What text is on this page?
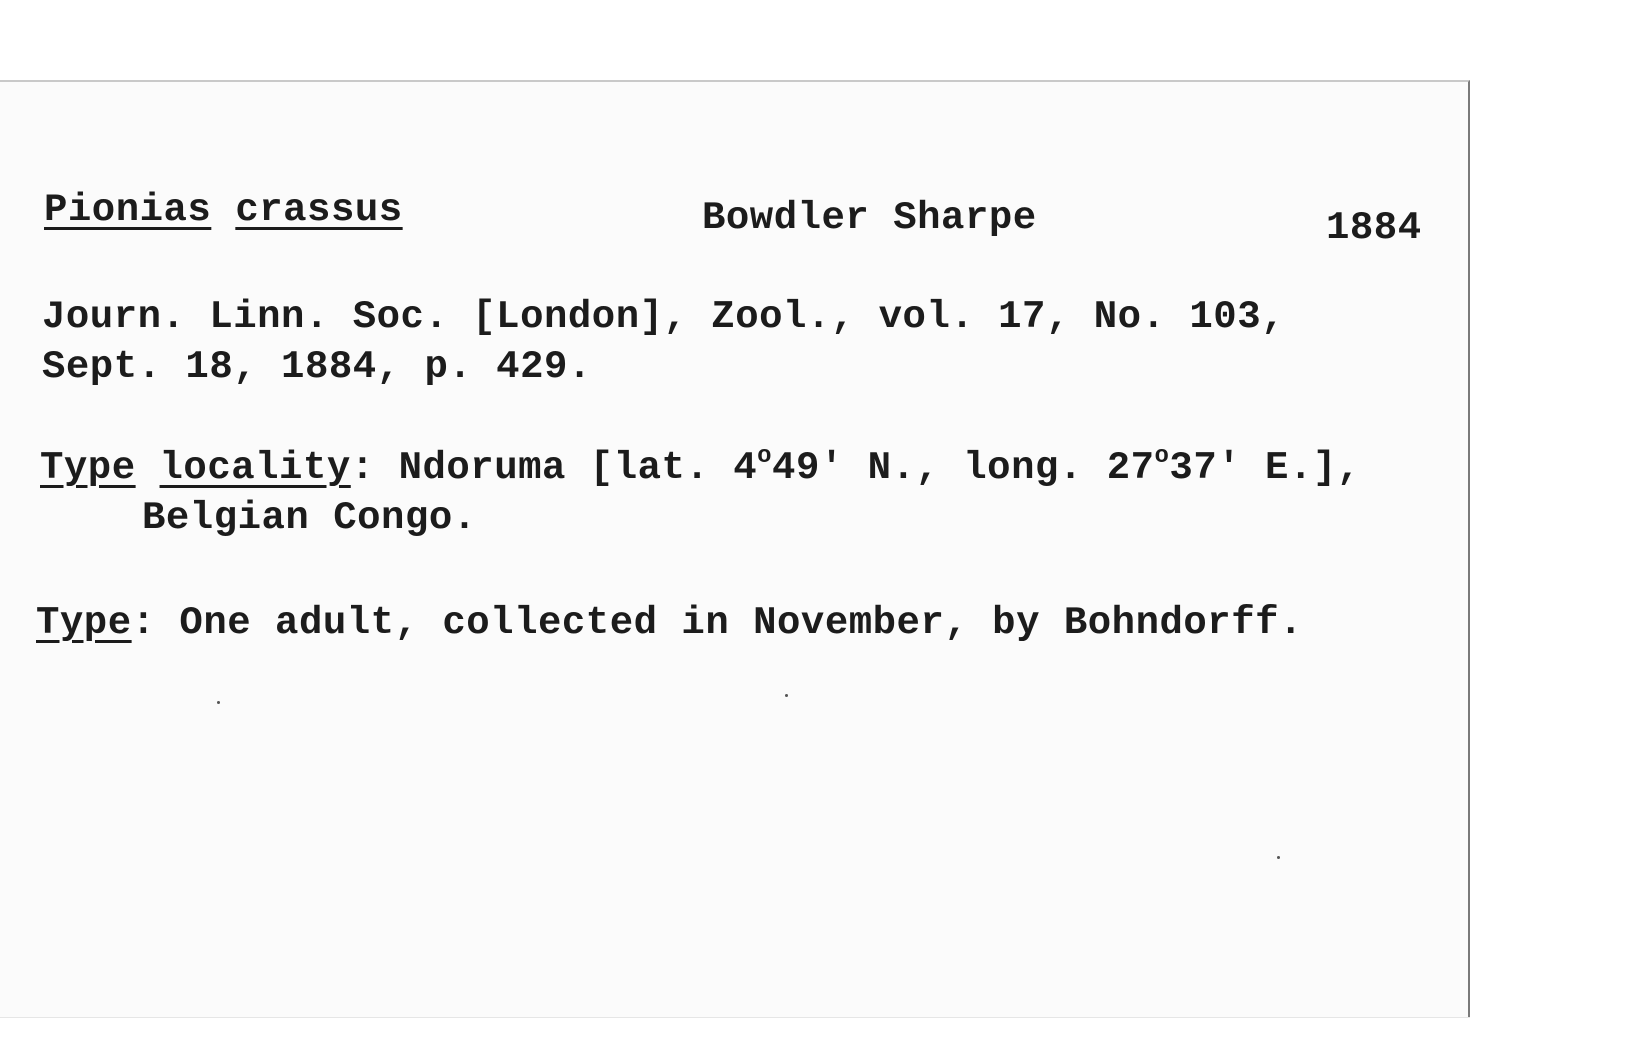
Pionias crassus	Bowdler Sharpe	1884
Journ. Linn. Soc. [London], Zool., vol. 17, No. 103,
Sept. 18, 1884, p. 429.
Type locality: Ndoruma [lat. 4$^o$49' N., long. 27$^o$37' E.],
Belgian Congo.
Type: One adult, collected in November, by Bohndorff.
